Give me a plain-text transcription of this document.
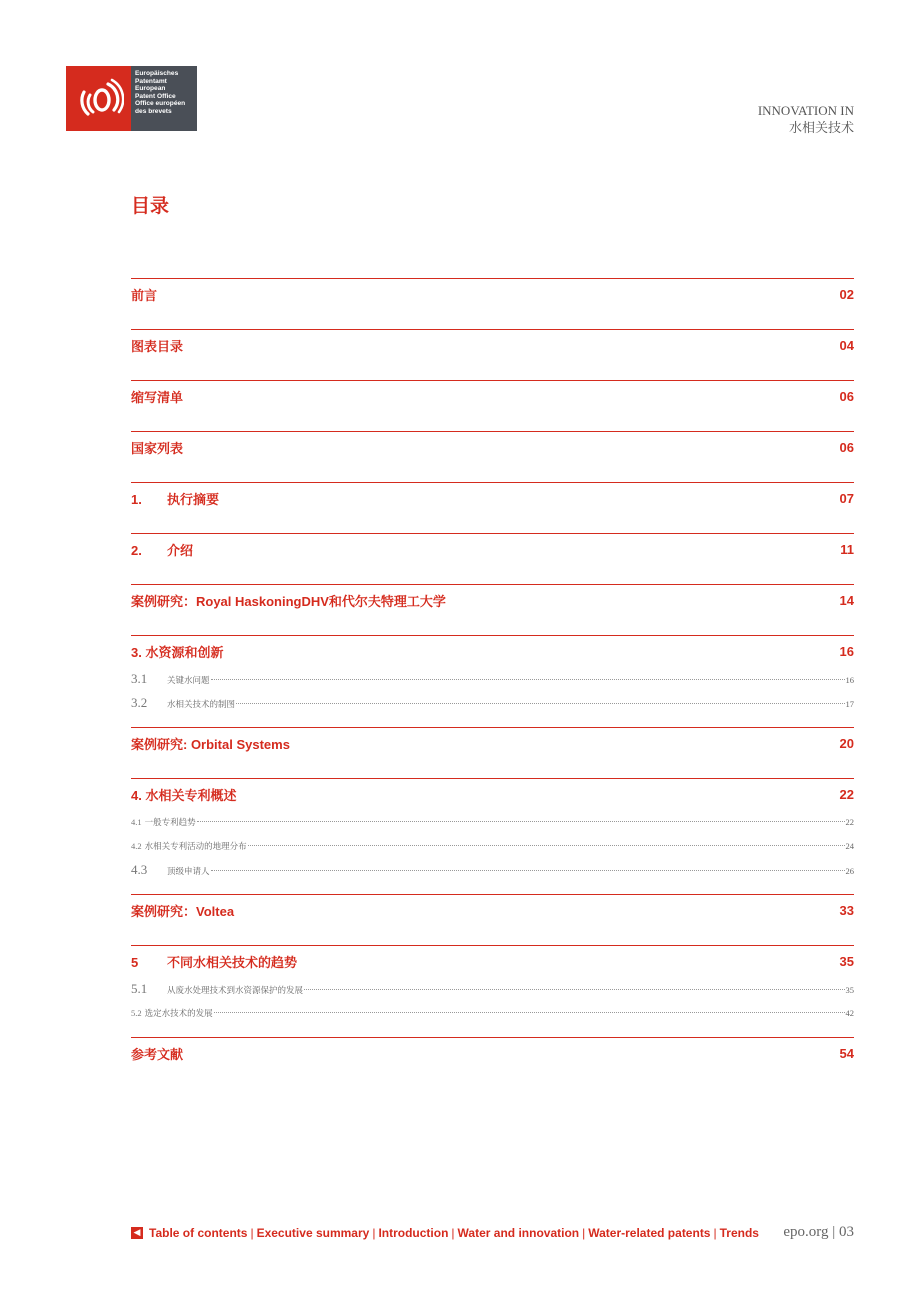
Europäisches
Patentamt
European
Patent Office
Office européen
des brevets	INNOVATION IN
水相关技术
目录
前言	02
图表目录	04
缩写清单	06
国家列表	06
1. 执行摘要	07
2. 介绍	11
案例研究：Royal HaskoningDHV和代尔夫特理工大学	14
3. 水资源和创新	16
3.1	关键水问题	16
3.2	水相关技术的制图	17
案例研究: Orbital Systems	20
4. 水相关专利概述	22
4.1 一般专利趋势	22
4.2 水相关专利活动的地理分布	24
4.3	顶级申请人	26
案例研究：Voltea	33
5 不同水相关技术的趋势	35
5.1	从废水处理技术到水资源保护的发展	35
5.2 选定水技术的发展	42
参考文献	54
◀ Table of contents | Executive summary | Introduction | Water and innovation | Water-related patents | Trends epo.org | 03
